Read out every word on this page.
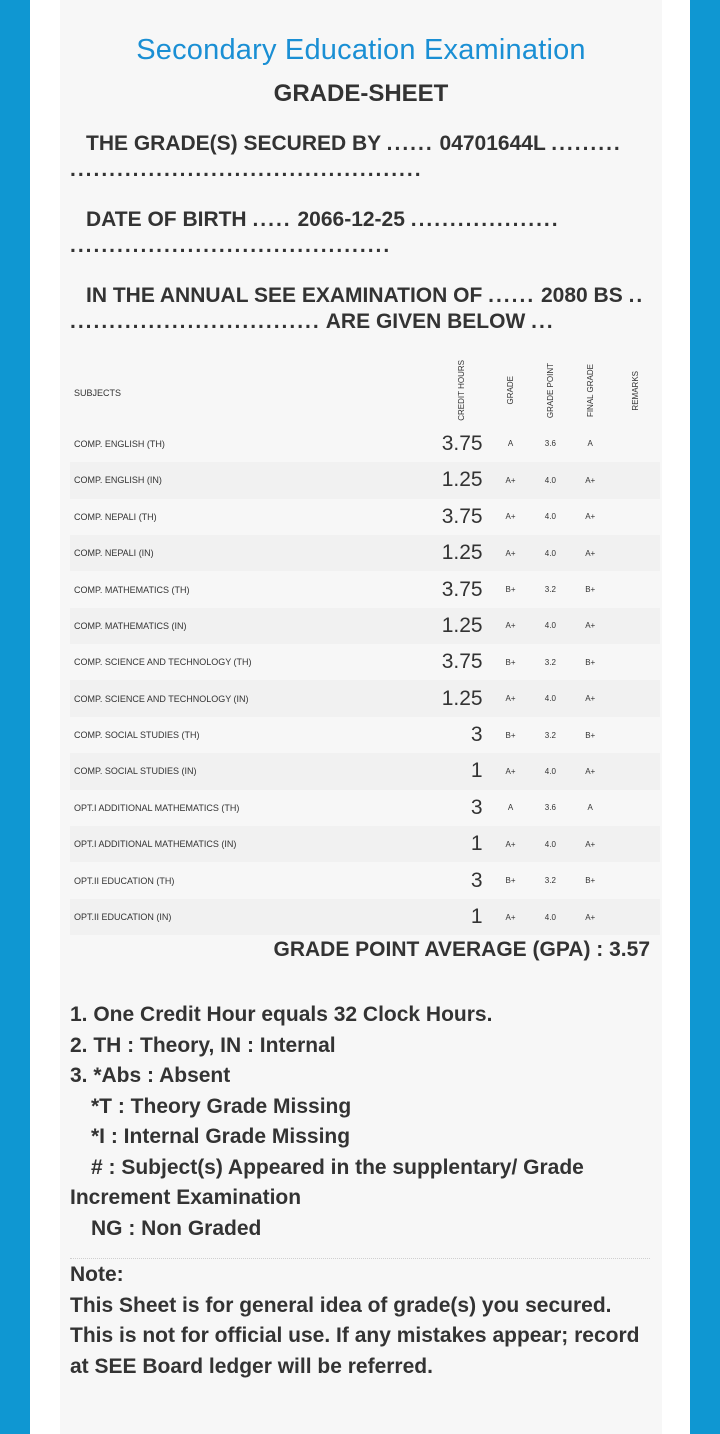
Secondary Education Examination
GRADE-SHEET
THE GRADE(S) SECURED BY ...... 04701644L .........
.............................................
DATE OF BIRTH ..... 2066-12-25 ...................
.........................................
IN THE ANNUAL SEE EXAMINATION OF ...... 2080 BS ..
................................ ARE GIVEN BELOW ...
SUBJECTS	CREDIT HOURS	GRADE	GRADE POINT	FINAL GRADE	REMARKS
COMP. ENGLISH (TH)	3.75	A	3.6	A	
COMP. ENGLISH (IN)	1.25	A+	4.0	A+	
COMP. NEPALI (TH)	3.75	A+	4.0	A+	
COMP. NEPALI (IN)	1.25	A+	4.0	A+	
COMP. MATHEMATICS (TH)	3.75	B+	3.2	B+	
COMP. MATHEMATICS (IN)	1.25	A+	4.0	A+	
COMP. SCIENCE AND TECHNOLOGY (TH)	3.75	B+	3.2	B+	
COMP. SCIENCE AND TECHNOLOGY (IN)	1.25	A+	4.0	A+	
COMP. SOCIAL STUDIES (TH)	3	B+	3.2	B+	
COMP. SOCIAL STUDIES (IN)	1	A+	4.0	A+	
OPT.I ADDITIONAL MATHEMATICS (TH)	3	A	3.6	A	
OPT.I ADDITIONAL MATHEMATICS (IN)	1	A+	4.0	A+	
OPT.II EDUCATION (TH)	3	B+	3.2	B+	
OPT.II EDUCATION (IN)	1	A+	4.0	A+	
GRADE POINT AVERAGE (GPA) : 3.57
1. One Credit Hour equals 32 Clock Hours.
2. TH : Theory, IN : Internal
3. *Abs : Absent
*T : Theory Grade Missing
*I : Internal Grade Missing
# : Subject(s) Appeared in the supplentary/ Grade
Increment Examination
NG : Non Graded
Note:
This Sheet is for general idea of grade(s) you secured. This is not for official use. If any mistakes appear; record at SEE Board ledger will be referred.
